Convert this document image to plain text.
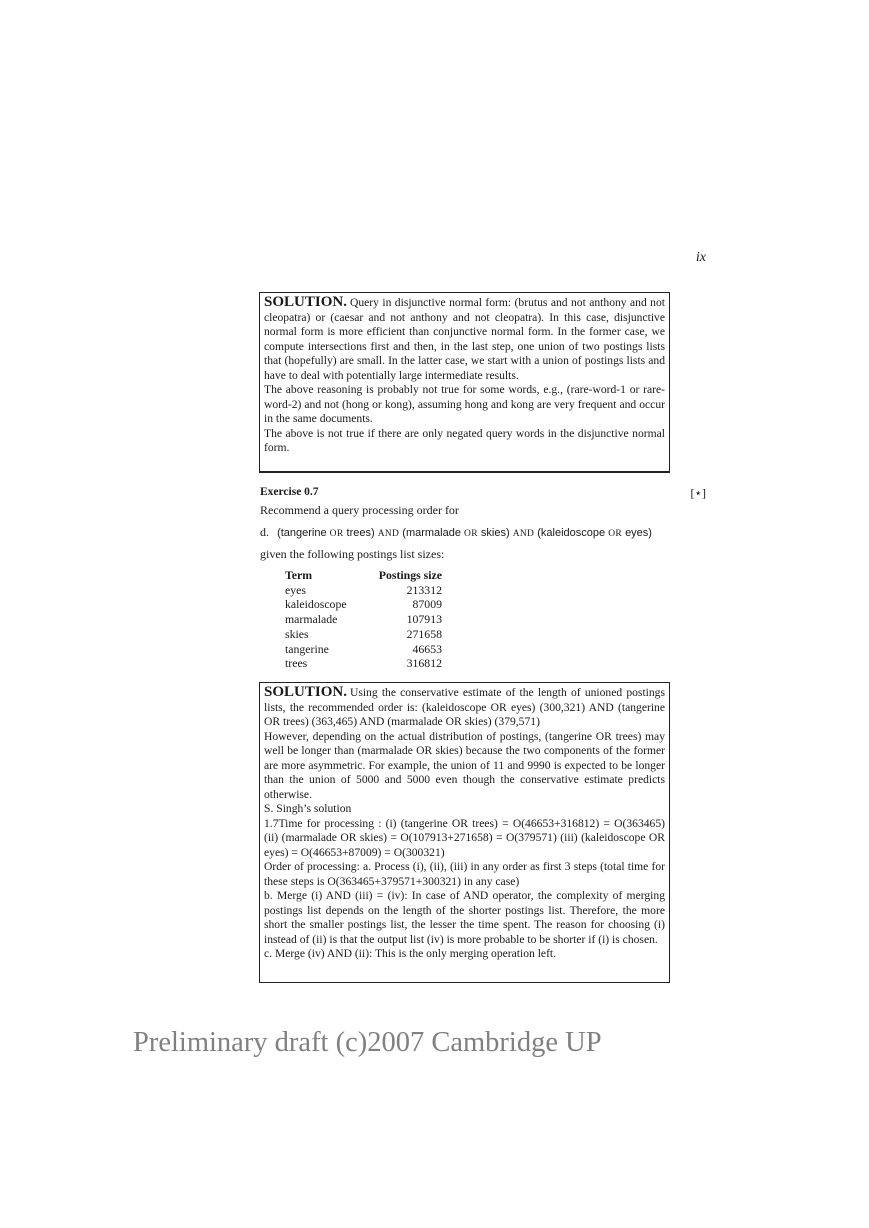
ix

SOLUTION. Query in disjunctive normal form: (brutus and not anthony and not cleopatra) or (caesar and not anthony and not cleopatra). In this case, disjunctive normal form is more efficient than conjunctive normal form. In the former case, we compute intersections first and then, in the last step, one union of two postings lists that (hopefully) are small. In the latter case, we start with a union of postings lists and have to deal with potentially large intermediate results.

The above reasoning is probably not true for some words, e.g., (rare-word-1 or rare-word-2) and not (hong or kong), assuming hong and kong are very frequent and occur in the same documents.

The above is not true if there are only negated query words in the disjunctive normal form.

Exercise 0.7	[⋆]
Recommend a query processing order for
d. (tangerine OR trees) AND (marmalade OR skies) AND (kaleidoscope OR eyes)
given the following postings list sizes:
Term	Postings size
eyes	213312
kaleidoscope	87009
marmalade	107913
skies	271658
tangerine	46653
trees	316812

SOLUTION. Using the conservative estimate of the length of unioned postings lists, the recommended order is: (kaleidoscope OR eyes) (300,321) AND (tangerine OR trees) (363,465) AND (marmalade OR skies) (379,571)

However, depending on the actual distribution of postings, (tangerine OR trees) may well be longer than (marmalade OR skies) because the two components of the former are more asymmetric. For example, the union of 11 and 9990 is expected to be longer than the union of 5000 and 5000 even though the conservative estimate predicts otherwise.

S. Singh’s solution

1.7Time for processing : (i) (tangerine OR trees) = O(46653+316812) = O(363465) (ii) (marmalade OR skies) = O(107913+271658) = O(379571) (iii) (kaleidoscope OR eyes) = O(46653+87009) = O(300321)

Order of processing: a. Process (i), (ii), (iii) in any order as first 3 steps (total time for these steps is O(363465+379571+300321) in any case)

b. Merge (i) AND (iii) = (iv): In case of AND operator, the complexity of merging postings list depends on the length of the shorter postings list. Therefore, the more short the smaller postings list, the lesser the time spent. The reason for choosing (i) instead of (ii) is that the output list (iv) is more probable to be shorter if (i) is chosen.

c. Merge (iv) AND (ii): This is the only merging operation left.

Preliminary draft (c)2007 Cambridge UP
